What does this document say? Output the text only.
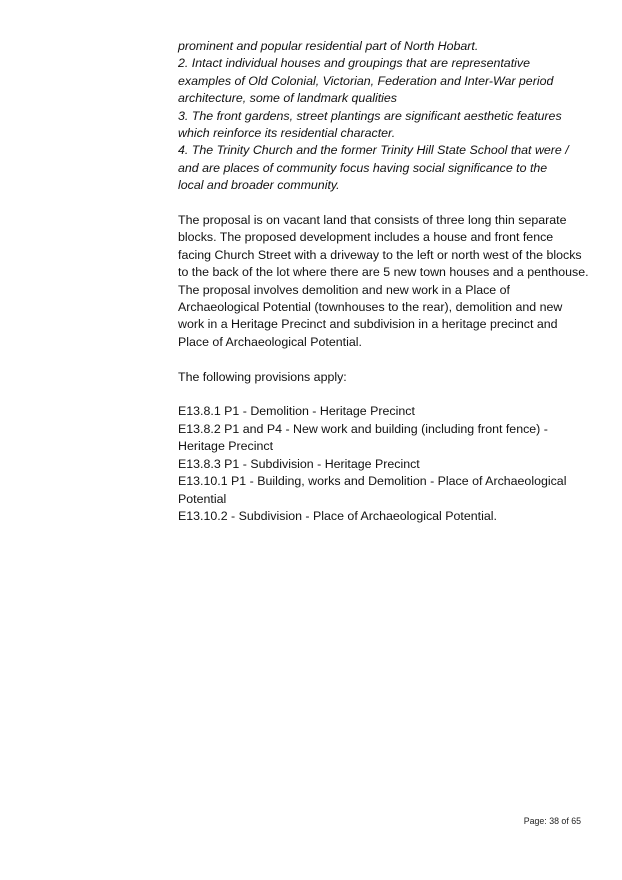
prominent and popular residential part of North Hobart.
2. Intact individual houses and groupings that are representative
examples of Old Colonial, Victorian, Federation and Inter-War period
architecture, some of landmark qualities
3. The front gardens, street plantings are significant aesthetic features
which reinforce its residential character.
4. The Trinity Church and the former Trinity Hill State School that were /
and are places of community focus having social significance to the
local and broader community.
The proposal is on vacant land that consists of three long thin separate
blocks. The proposed development includes a house and front fence
facing Church Street with a driveway to the left or north west of the blocks
to the back of the lot where there are 5 new town houses and a penthouse.
The proposal involves demolition and new work in a Place of
Archaeological Potential (townhouses to the rear), demolition and new
work in a Heritage Precinct and subdivision in a heritage precinct and
Place of Archaeological Potential.
The following provisions apply:
E13.8.1 P1 - Demolition - Heritage Precinct
E13.8.2 P1 and P4 - New work and building (including front fence) -
Heritage Precinct
E13.8.3 P1 - Subdivision - Heritage Precinct
E13.10.1 P1 - Building, works and Demolition - Place of Archaeological
Potential
E13.10.2 - Subdivision - Place of Archaeological Potential.
Page: 38 of 65
